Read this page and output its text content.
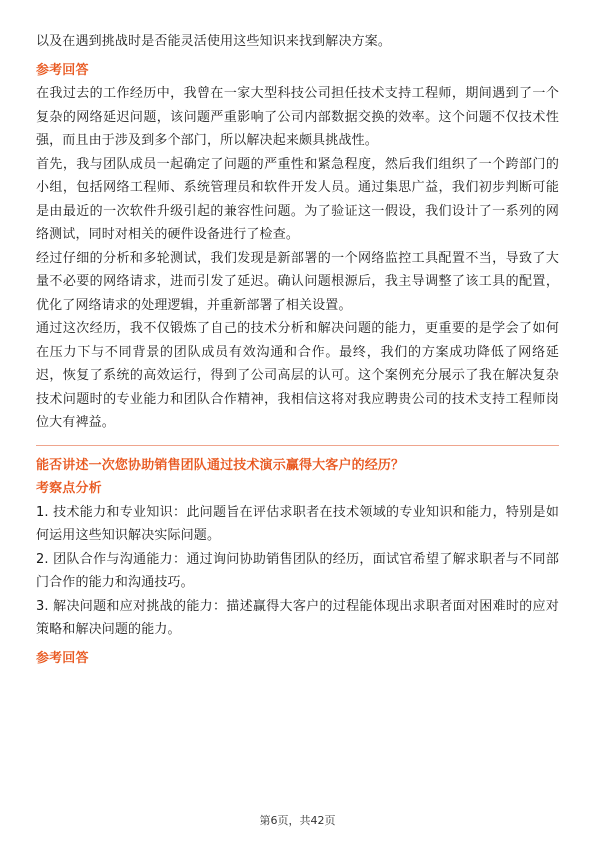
以及在遇到挑战时是否能灵活使用这些知识来找到解决方案。

参考回答

在我过去的工作经历中，我曾在一家大型科技公司担任技术支持工程师，期间遇到了一个复杂的网络延迟问题，该问题严重影响了公司内部数据交换的效率。这个问题不仅技术性强，而且由于涉及到多个部门，所以解决起来颇具挑战性。

首先，我与团队成员一起确定了问题的严重性和紧急程度，然后我们组织了一个跨部门的小组，包括网络工程师、系统管理员和软件开发人员。通过集思广益，我们初步判断可能是由最近的一次软件升级引起的兼容性问题。为了验证这一假设，我们设计了一系列的网络测试，同时对相关的硬件设备进行了检查。

经过仔细的分析和多轮测试，我们发现是新部署的一个网络监控工具配置不当，导致了大量不必要的网络请求，进而引发了延迟。确认问题根源后，我主导调整了该工具的配置，优化了网络请求的处理逻辑，并重新部署了相关设置。

通过这次经历，我不仅锻炼了自己的技术分析和解决问题的能力，更重要的是学会了如何在压力下与不同背景的团队成员有效沟通和合作。最终，我们的方案成功降低了网络延迟，恢复了系统的高效运行，得到了公司高层的认可。这个案例充分展示了我在解决复杂技术问题时的专业能力和团队合作精神，我相信这将对我应聘贵公司的技术支持工程师岗位大有裨益。

能否讲述一次您协助销售团队通过技术演示赢得大客户的经历？

考察点分析

1. 技术能力和专业知识：此问题旨在评估求职者在技术领域的专业知识和能力，特别是如何运用这些知识解决实际问题。

2. 团队合作与沟通能力：通过询问协助销售团队的经历，面试官希望了解求职者与不同部门合作的能力和沟通技巧。

3. 解决问题和应对挑战的能力：描述赢得大客户的过程能体现出求职者面对困难时的应对策略和解决问题的能力。

参考回答

第6页，共42页
